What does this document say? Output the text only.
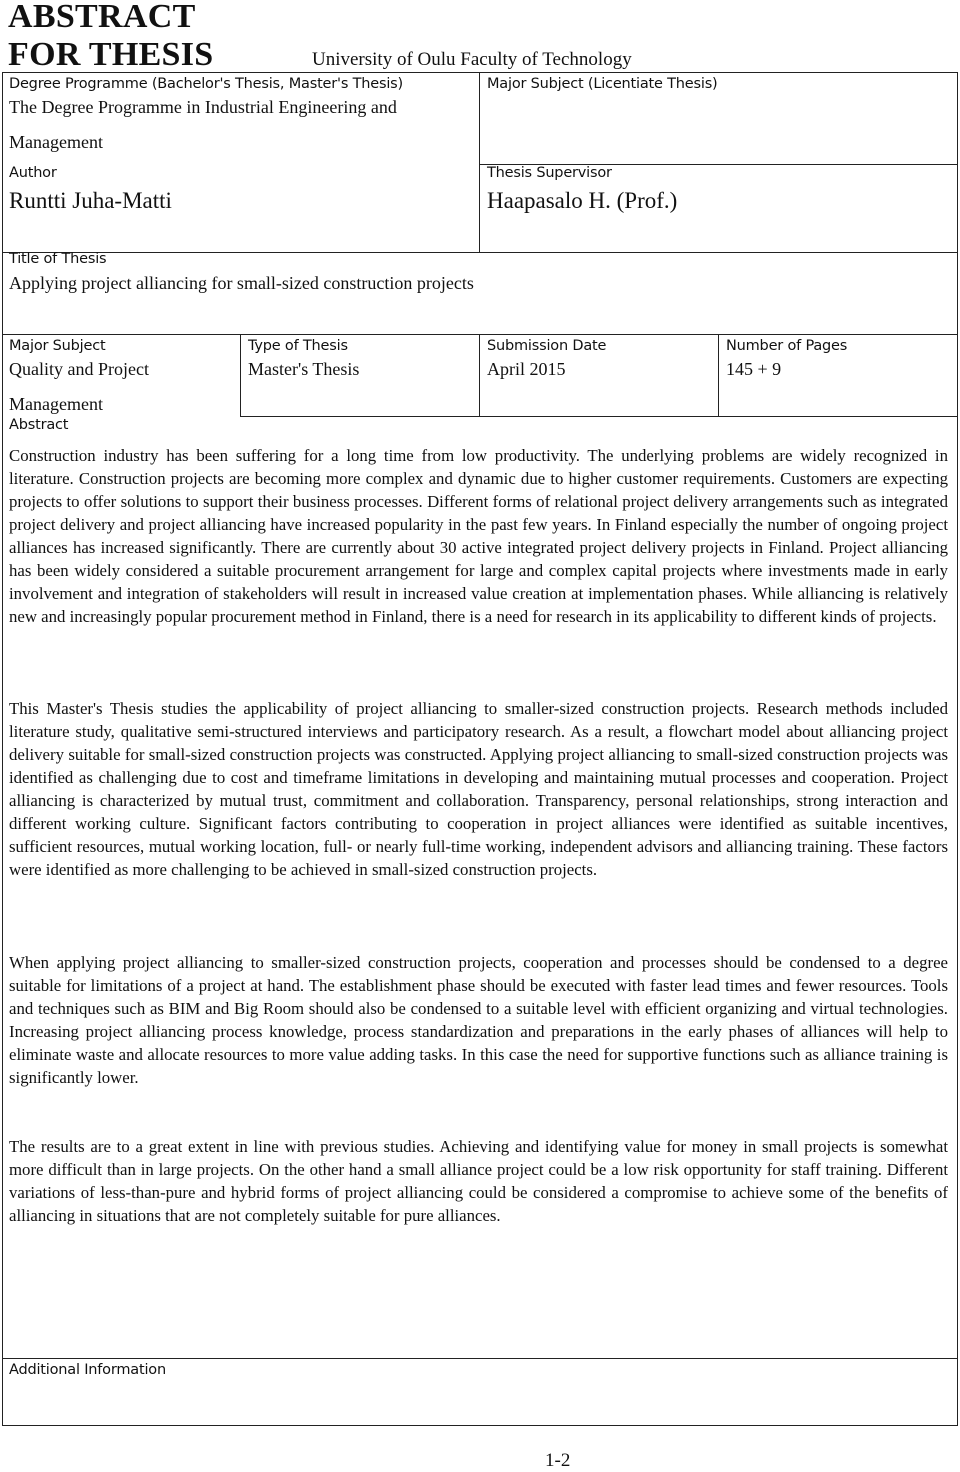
ABSTRACT
FOR THESIS	University of Oulu Faculty of Technology
Degree Programme (Bachelor's Thesis, Master's Thesis)
The Degree Programme in Industrial Engineering and
Management
Major Subject (Licentiate Thesis)
Author
Runtti Juha-Matti
Thesis Supervisor
Haapasalo H. (Prof.)
Title of Thesis
Applying project alliancing for small-sized construction projects
Major Subject
Quality and Project
Management
Type of Thesis
Master's Thesis
Submission Date
April 2015
Number of Pages
145 + 9
Abstract
Construction industry has been suffering for a long time from low productivity. The underlying problems are widely recognized in literature. Construction projects are becoming more complex and dynamic due to higher customer requirements. Customers are expecting projects to offer solutions to support their business processes. Different forms of relational project delivery arrangements such as integrated project delivery and project alliancing have increased popularity in the past few years. In Finland especially the number of ongoing project alliances has increased significantly. There are currently about 30 active integrated project delivery projects in Finland. Project alliancing has been widely considered a suitable procurement arrangement for large and complex capital projects where investments made in early involvement and integration of stakeholders will result in increased value creation at implementation phases. While alliancing is relatively new and increasingly popular procurement method in Finland, there is a need for research in its applicability to different kinds of projects.
This Master's Thesis studies the applicability of project alliancing to smaller-sized construction projects. Research methods included literature study, qualitative semi-structured interviews and participatory research. As a result, a flowchart model about alliancing project delivery suitable for small-sized construction projects was constructed. Applying project alliancing to small-sized construction projects was identified as challenging due to cost and timeframe limitations in developing and maintaining mutual processes and cooperation. Project alliancing is characterized by mutual trust, commitment and collaboration. Transparency, personal relationships, strong interaction and different working culture. Significant factors contributing to cooperation in project alliances were identified as suitable incentives, sufficient resources, mutual working location, full- or nearly full-time working, independent advisors and alliancing training. These factors were identified as more challenging to be achieved in small-sized construction projects.
When applying project alliancing to smaller-sized construction projects, cooperation and processes should be condensed to a degree suitable for limitations of a project at hand. The establishment phase should be executed with faster lead times and fewer resources. Tools and techniques such as BIM and Big Room should also be condensed to a suitable level with efficient organizing and virtual technologies. Increasing project alliancing process knowledge, process standardization and preparations in the early phases of alliances will help to eliminate waste and allocate resources to more value adding tasks. In this case the need for supportive functions such as alliance training is significantly lower.
The results are to a great extent in line with previous studies. Achieving and identifying value for money in small projects is somewhat more difficult than in large projects. On the other hand a small alliance project could be a low risk opportunity for staff training. Different variations of less-than-pure and hybrid forms of project alliancing could be considered a compromise to achieve some of the benefits of alliancing in situations that are not completely suitable for pure alliances.
Additional Information
1-2
